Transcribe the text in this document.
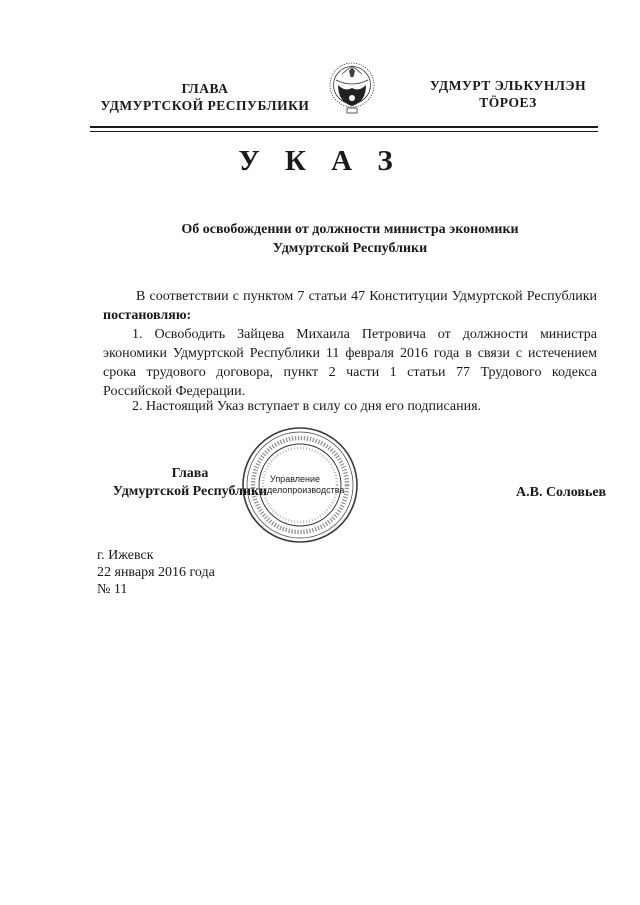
ГЛАВА
УДМУРТСКОЙ РЕСПУБЛИКИ
УДМУРТ ЭЛЬКУНЛЭН
ТӦРОЕЗ
У К А З
Об освобождении от должности министра экономики
Удмуртской Республики
В соответствии с пунктом 7 статьи 47 Конституции Удмуртской Республики постановляю:
1. Освободить Зайцева Михаила Петровича от должности министра экономики Удмуртской Республики 11 февраля 2016 года в связи с истечением срока трудового договора, пункт 2 части 1 статьи 77 Трудового кодекса Российской Федерации.
2. Настоящий Указ вступает в силу со дня его подписания.
Управление
делопроизводства
Глава
Удмуртской Республики	А.В. Соловьев
г. Ижевск
22 января 2016 года
№ 11
